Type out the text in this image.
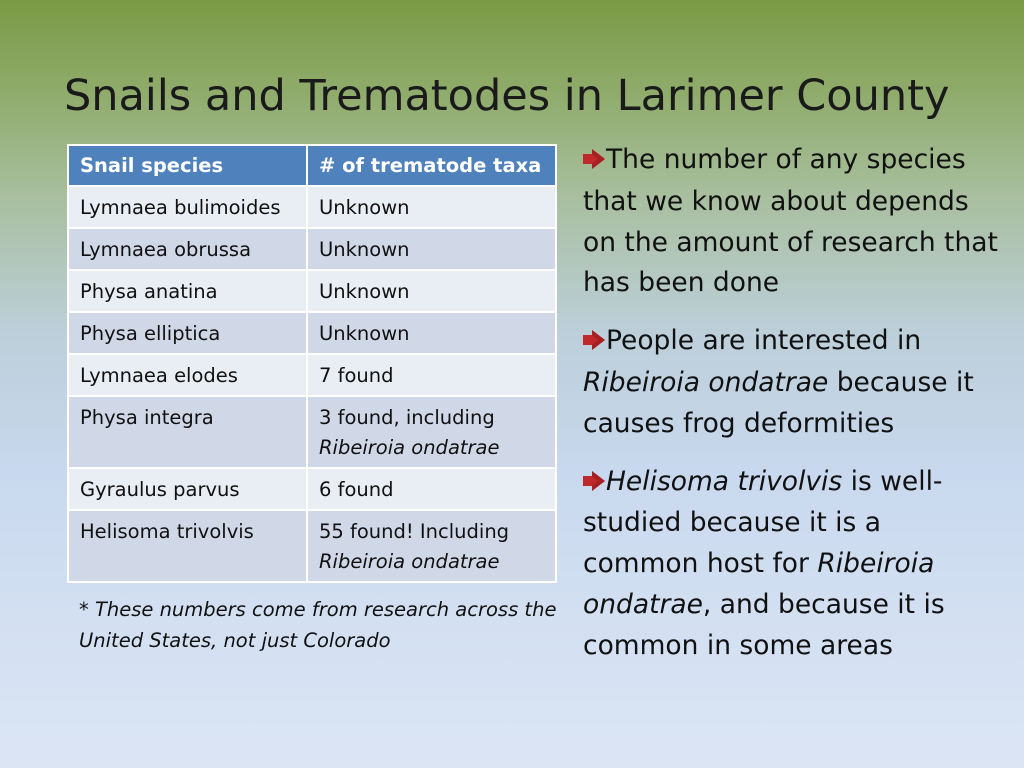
Snails and Trematodes in Larimer County
Snail species	# of trematode taxa
Lymnaea bulimoides	Unknown
Lymnaea obrussa	Unknown
Physa anatina	Unknown
Physa elliptica	Unknown
Lymnaea elodes	7 found
Physa integra	3 found, including
Ribeiroia ondatrae

Gyraulus parvus	6 found
Helisoma trivolvis	55 found! Including
Ribeiroia ondatrae
* These numbers come from research across the United States, not just Colorado
The number of any species that we know about depends on the amount of research that has been done
People are interested in Ribeiroia ondatrae because it causes frog deformities
Helisoma trivolvis is well-studied because it is a common host for Ribeiroia ondatrae, and because it is common in some areas
